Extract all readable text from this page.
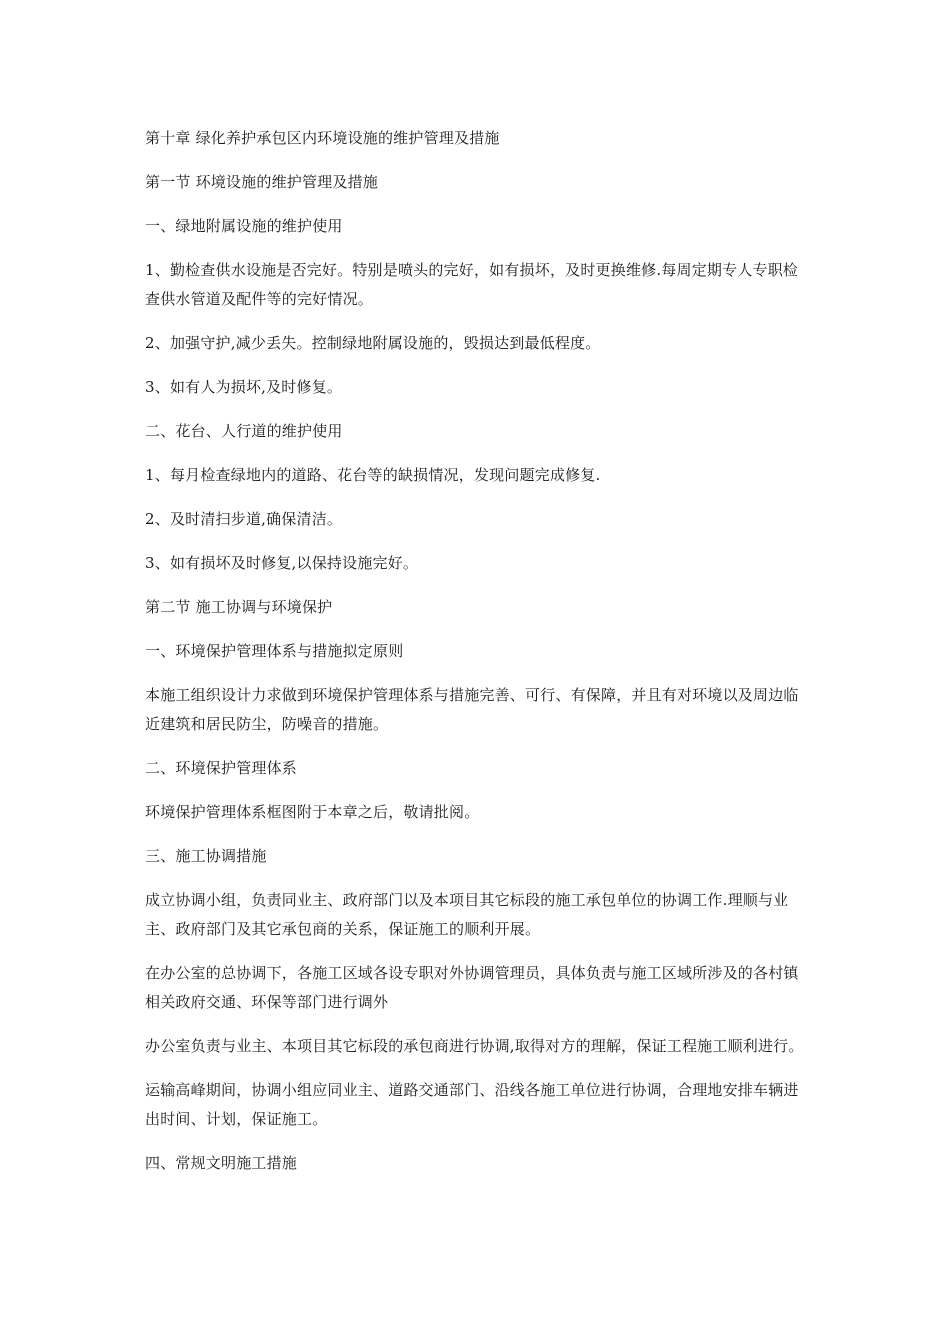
第十章 绿化养护承包区内环境设施的维护管理及措施

第一节 环境设施的维护管理及措施

一、绿地附属设施的维护使用

1、勤检查供水设施是否完好。特别是喷头的完好，如有损坏，及时更换维修.每周定期专人专职检查供水管道及配件等的完好情况。

2、加强守护,减少丢失。控制绿地附属设施的，毁损达到最低程度。

3、如有人为损坏,及时修复。

二、花台、人行道的维护使用

1、每月检查绿地内的道路、花台等的缺损情况，发现问题完成修复.

2、及时清扫步道,确保清洁。

3、如有损坏及时修复,以保持设施完好。

第二节 施工协调与环境保护

一、环境保护管理体系与措施拟定原则

本施工组织设计力求做到环境保护管理体系与措施完善、可行、有保障，并且有对环境以及周边临近建筑和居民防尘，防噪音的措施。

二、环境保护管理体系

环境保护管理体系框图附于本章之后，敬请批阅。

三、施工协调措施

成立协调小组，负责同业主、政府部门以及本项目其它标段的施工承包单位的协调工作.理顺与业主、政府部门及其它承包商的关系，保证施工的顺利开展。

在办公室的总协调下，各施工区域各设专职对外协调管理员，具体负责与施工区域所涉及的各村镇相关政府交通、环保等部门进行调外

办公室负责与业主、本项目其它标段的承包商进行协调,取得对方的理解，保证工程施工顺利进行。

运输高峰期间，协调小组应同业主、道路交通部门、沿线各施工单位进行协调，合理地安排车辆进出时间、计划，保证施工。

四、常规文明施工措施
